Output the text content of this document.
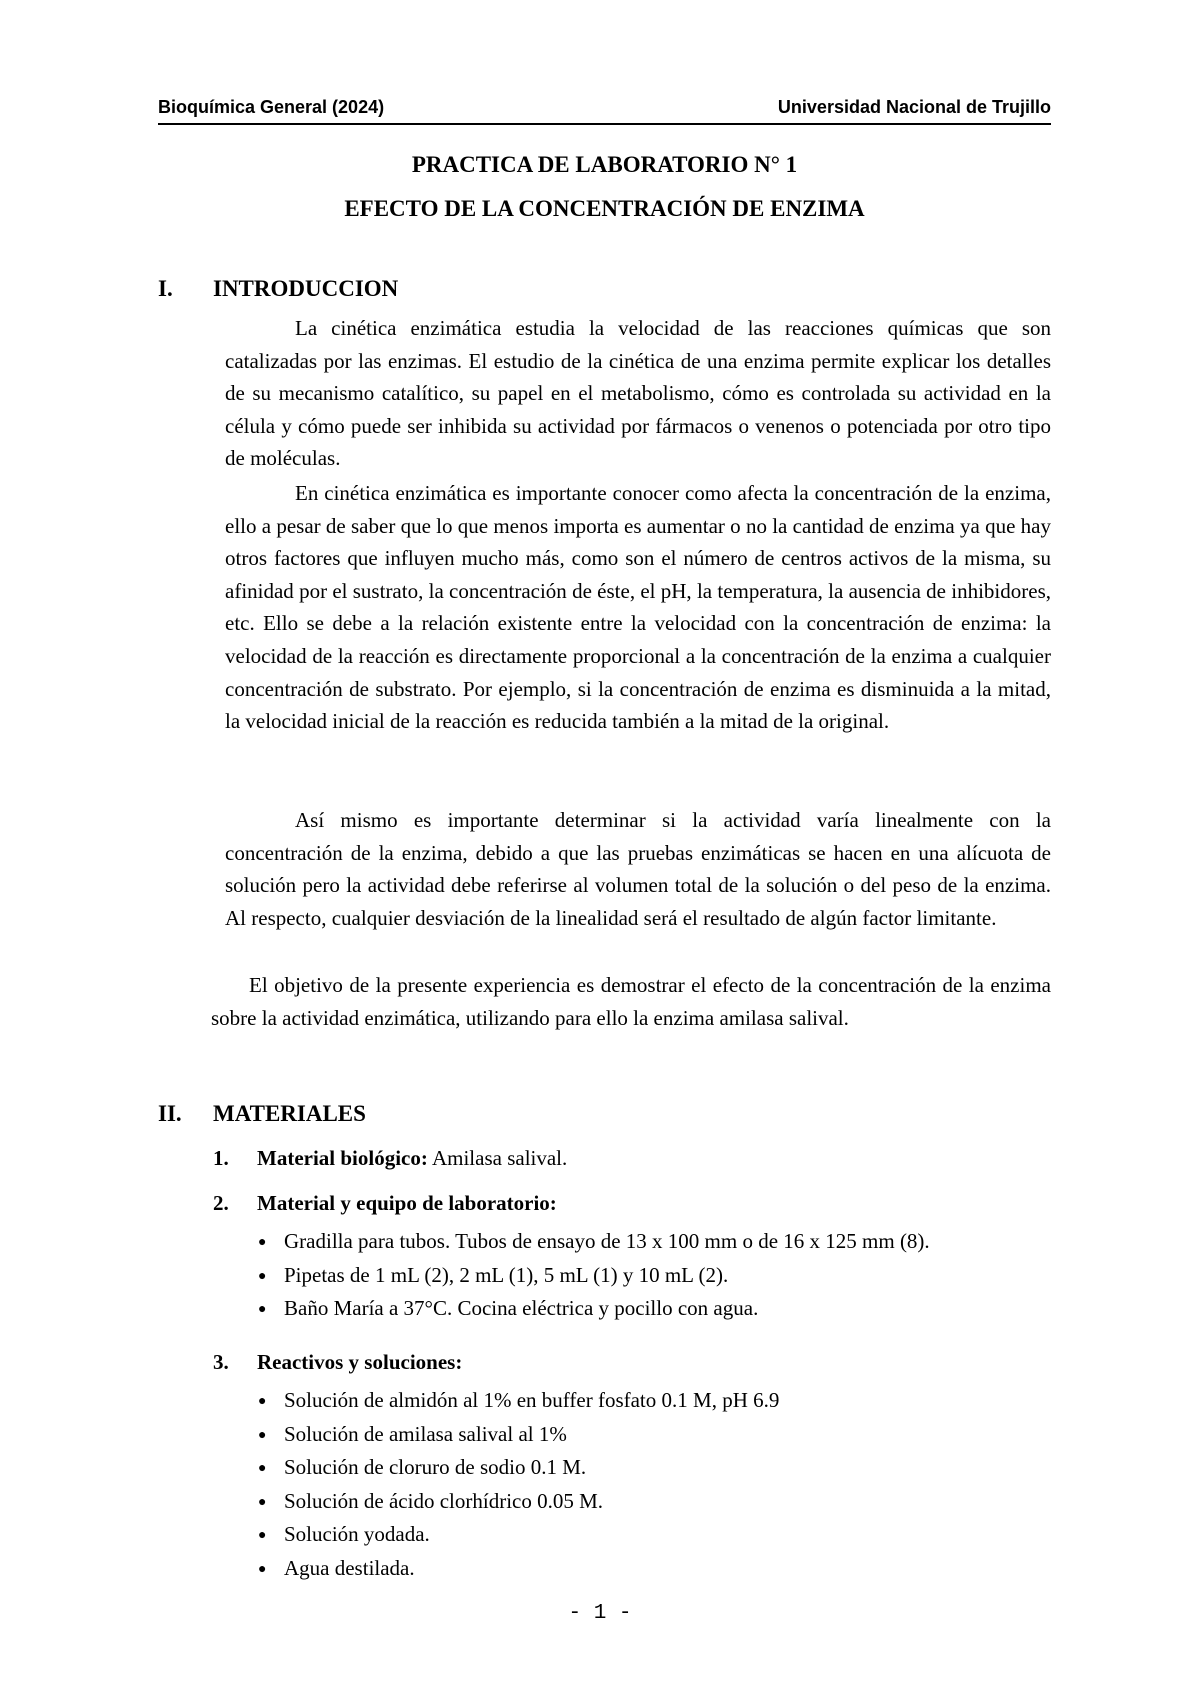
Bioquímica General (2024)	Universidad Nacional de Trujillo
PRACTICA DE LABORATORIO N° 1
EFECTO DE LA CONCENTRACIÓN DE ENZIMA
I. INTRODUCCION
La cinética enzimática estudia la velocidad de las reacciones químicas que son catalizadas por las enzimas. El estudio de la cinética de una enzima permite explicar los detalles de su mecanismo catalítico, su papel en el metabolismo, cómo es controlada su actividad en la célula y cómo puede ser inhibida su actividad por fármacos o venenos o potenciada por otro tipo de moléculas.
En cinética enzimática es importante conocer como afecta la concentración de la enzima, ello a pesar de saber que lo que menos importa es aumentar o no la cantidad de enzima ya que hay otros factores que influyen mucho más, como son el número de centros activos de la misma, su afinidad por el sustrato, la concentración de éste, el pH, la temperatura, la ausencia de inhibidores, etc. Ello se debe a la relación existente entre la velocidad con la concentración de enzima: la velocidad de la reacción es directamente proporcional a la concentración de la enzima a cualquier concentración de substrato. Por ejemplo, si la concentración de enzima es disminuida a la mitad, la velocidad inicial de la reacción es reducida también a la mitad de la original.
Así mismo es importante determinar si la actividad varía linealmente con la concentración de la enzima, debido a que las pruebas enzimáticas se hacen en una alícuota de solución pero la actividad debe referirse al volumen total de la solución o del peso de la enzima. Al respecto, cualquier desviación de la linealidad será el resultado de algún factor limitante.
El objetivo de la presente experiencia es demostrar el efecto de la concentración de la enzima sobre la actividad enzimática, utilizando para ello la enzima amilasa salival.
II. MATERIALES
1. Material biológico: Amilasa salival.
2. Material y equipo de laboratorio:
● Gradilla para tubos. Tubos de ensayo de 13 x 100 mm o de 16 x 125 mm (8).
● Pipetas de 1 mL (2), 2 mL (1), 5 mL (1) y 10 mL (2).
● Baño María a 37°C. Cocina eléctrica y pocillo con agua.
3. Reactivos y soluciones:
● Solución de almidón al 1% en buffer fosfato 0.1 M, pH 6.9
● Solución de amilasa salival al 1%
● Solución de cloruro de sodio 0.1 M.
● Solución de ácido clorhídrico 0.05 M.
● Solución yodada.
● Agua destilada.
- 1 -
